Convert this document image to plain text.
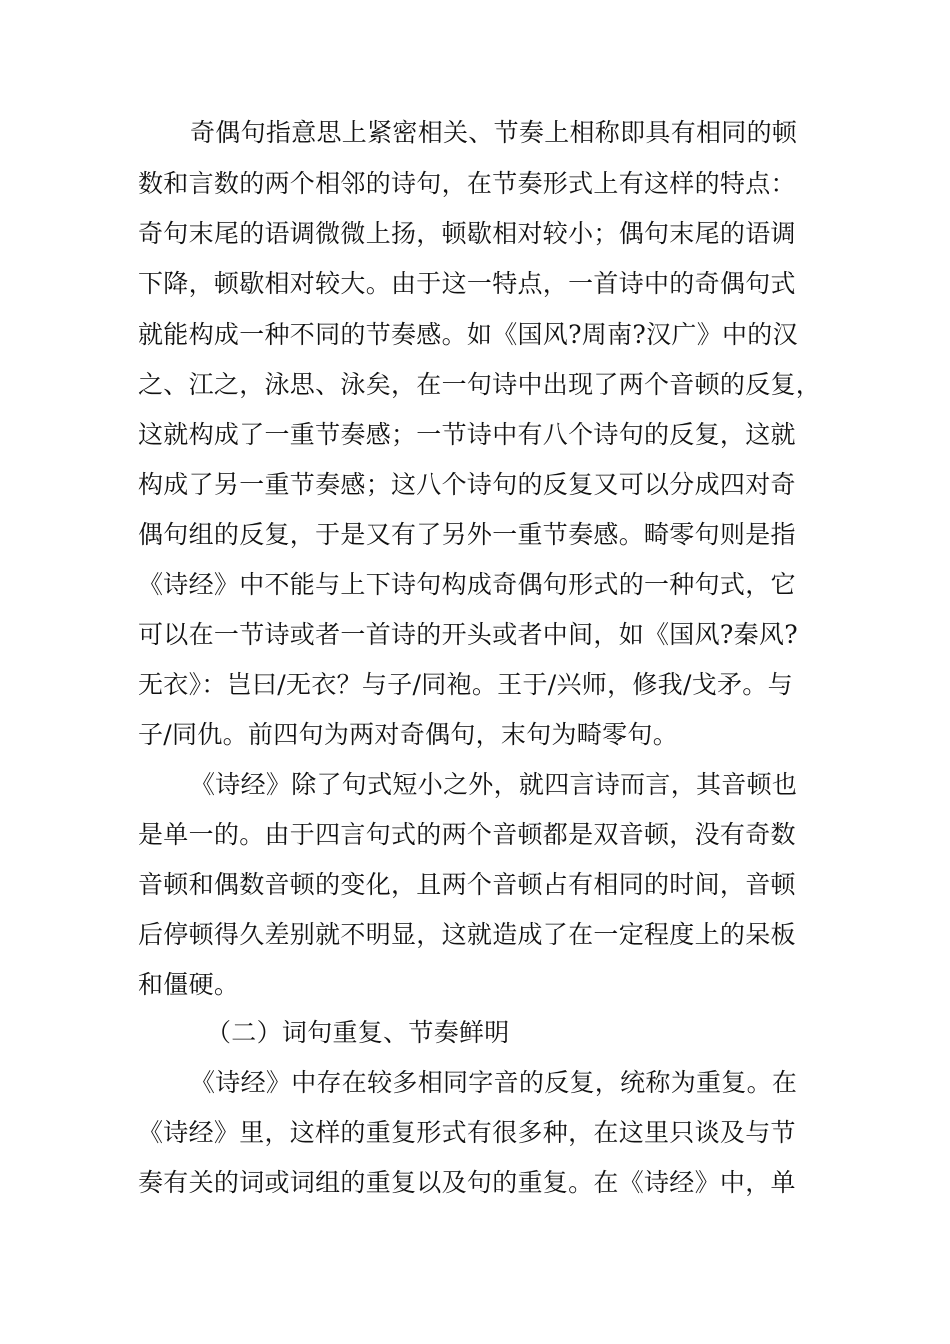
奇偶句指意思上紧密相关、节奏上相称即具有相同的顿
数和言数的两个相邻的诗句，在节奏形式上有这样的特点：
奇句末尾的语调微微上扬，顿歇相对较小；偶句末尾的语调
下降，顿歇相对较大。由于这一特点，一首诗中的奇偶句式
就能构成一种不同的节奏感。如《国风?周南?汉广》中的汉
之、江之，泳思、泳矣，在一句诗中出现了两个音顿的反复，
这就构成了一重节奏感；一节诗中有八个诗句的反复，这就
构成了另一重节奏感；这八个诗句的反复又可以分成四对奇
偶句组的反复，于是又有了另外一重节奏感。畸零句则是指
《诗经》中不能与上下诗句构成奇偶句形式的一种句式，它
可以在一节诗或者一首诗的开头或者中间，如《国风?秦风?
无衣》：岂曰/无衣？与子/同袍。王于/兴师，修我/戈矛。与
子/同仇。前四句为两对奇偶句，末句为畸零句。
《诗经》除了句式短小之外，就四言诗而言，其音顿也
是单一的。由于四言句式的两个音顿都是双音顿，没有奇数
音顿和偶数音顿的变化，且两个音顿占有相同的时间，音顿
后停顿得久差别就不明显，这就造成了在一定程度上的呆板
和僵硬。
（二）词句重复、节奏鲜明
《诗经》中存在较多相同字音的反复，统称为重复。在
《诗经》里，这样的重复形式有很多种，在这里只谈及与节
奏有关的词或词组的重复以及句的重复。在《诗经》中，单
